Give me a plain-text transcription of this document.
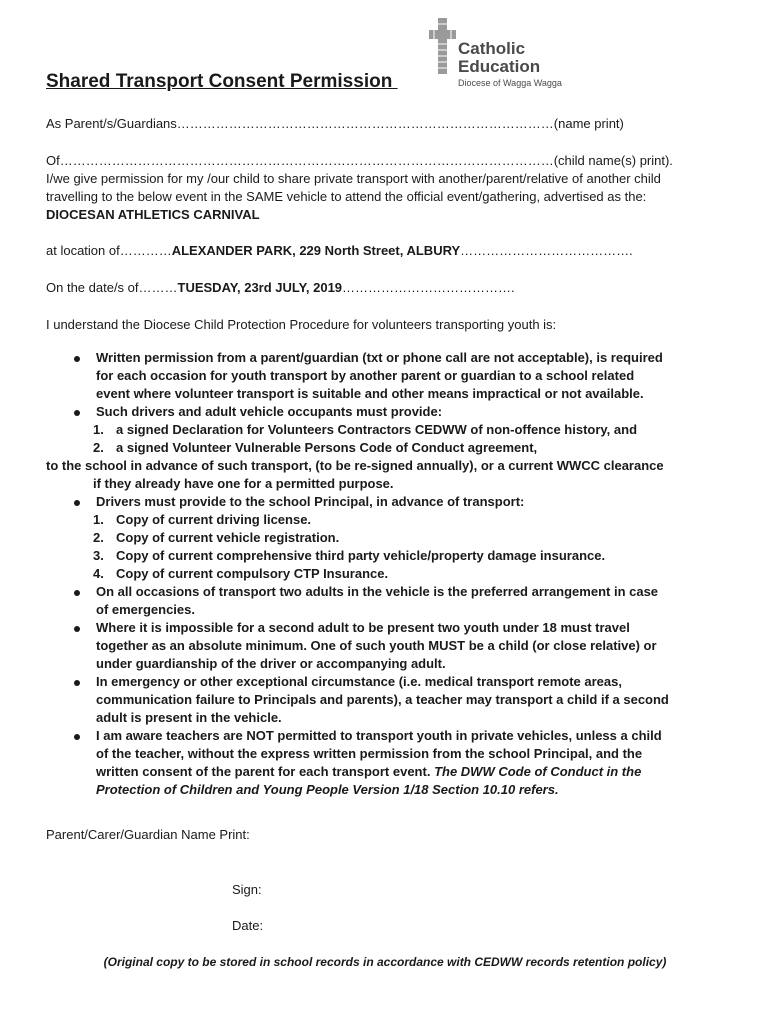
Catholic
Education
Diocese of Wagga Wagga
Shared Transport Consent Permission
As Parent/s/Guardians……………………………………………………………………………(name print)
Of……………………………………………………………………………………………………(child name(s) print).
I/we give permission for my /our child to share private transport with another/parent/relative of another child
travelling to the below event in the SAME vehicle to attend the official event/gathering, advertised as the:
DIOCESAN ATHLETICS CARNIVAL
at location of…………ALEXANDER PARK, 229 North Street, ALBURY………………………………….
On the date/s of………TUESDAY, 23rd JULY, 2019………………………………….
I understand the Diocese Child Protection Procedure for volunteers transporting youth is:
Written permission from a parent/guardian (txt or phone call are not acceptable), is required
for each occasion for youth transport by another parent or guardian to a school related
event where volunteer transport is suitable and other means impractical or not available.
Such drivers and adult vehicle occupants must provide:
1. a signed Declaration for Volunteers Contractors CEDWW of non-offence history, and
2. a signed Volunteer Vulnerable Persons Code of Conduct agreement,
to the school in advance of such transport, (to be re-signed annually), or a current WWCC clearance
if they already have one for a permitted purpose.
Drivers must provide to the school Principal, in advance of transport:
1. Copy of current driving license.
2. Copy of current vehicle registration.
3. Copy of current comprehensive third party vehicle/property damage insurance.
4. Copy of current compulsory CTP Insurance.
On all occasions of transport two adults in the vehicle is the preferred arrangement in case
of emergencies.
Where it is impossible for a second adult to be present two youth under 18 must travel
together as an absolute minimum. One of such youth MUST be a child (or close relative) or
under guardianship of the driver or accompanying adult.
In emergency or other exceptional circumstance (i.e. medical transport remote areas,
communication failure to Principals and parents), a teacher may transport a child if a second
adult is present in the vehicle.
I am aware teachers are NOT permitted to transport youth in private vehicles, unless a child
of the teacher, without the express written permission from the school Principal, and the
written consent of the parent for each transport event. The DWW Code of Conduct in the
Protection of Children and Young People Version 1/18 Section 10.10 refers.
Parent/Carer/Guardian Name Print:
Sign:
Date:
(Original copy to be stored in school records in accordance with CEDWW records retention policy)
